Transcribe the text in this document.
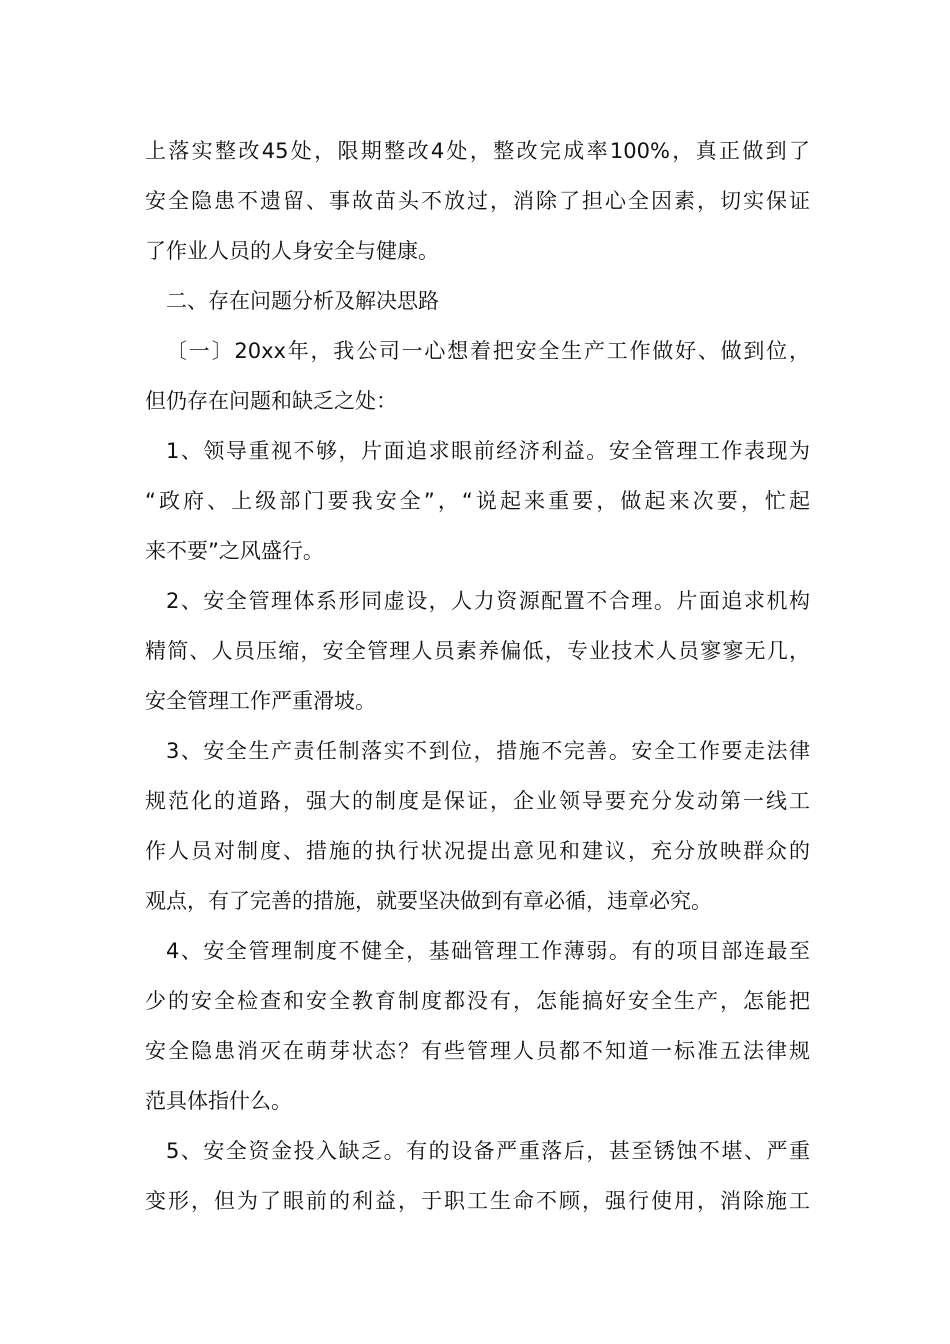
上落实整改45处，限期整改4处，整改完成率100%，真正做到了
安全隐患不遗留、事故苗头不放过，消除了担心全因素，切实保证
了作业人员的人身安全与健康。
二、存在问题分析及解决思路
〔一〕20xx年，我公司一心想着把安全生产工作做好、做到位，
但仍存在问题和缺乏之处：
1、领导重视不够，片面追求眼前经济利益。安全管理工作表现为
“政府、上级部门要我安全”，“说起来重要，做起来次要，忙起
来不要”之风盛行。
2、安全管理体系形同虚设，人力资源配置不合理。片面追求机构
精简、人员压缩，安全管理人员素养偏低，专业技术人员寥寥无几，
安全管理工作严重滑坡。
3、安全生产责任制落实不到位，措施不完善。安全工作要走法律
规范化的道路，强大的制度是保证，企业领导要充分发动第一线工
作人员对制度、措施的执行状况提出意见和建议，充分放映群众的
观点，有了完善的措施，就要坚决做到有章必循，违章必究。
4、安全管理制度不健全，基础管理工作薄弱。有的项目部连最至
少的安全检查和安全教育制度都没有，怎能搞好安全生产，怎能把
安全隐患消灭在萌芽状态？有些管理人员都不知道一标准五法律规
范具体指什么。
5、安全资金投入缺乏。有的设备严重落后，甚至锈蚀不堪、严重
变形，但为了眼前的利益，于职工生命不顾，强行使用，消除施工
